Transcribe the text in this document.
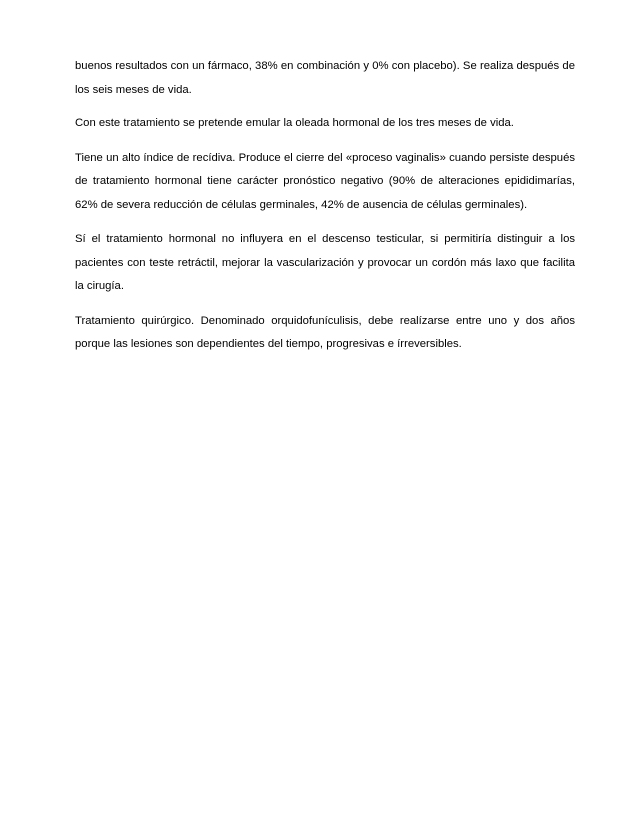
buenos resultados con un fármaco, 38% en combinación y 0% con placebo). Se realiza después de los seis meses de vida.

Con este tratamiento se pretende emular la oleada hormonal de los tres meses de vida.

Tiene un alto índice de recídiva. Produce el cierre del «proceso vaginalis» cuando persiste después de tratamiento hormonal tiene carácter pronóstico negativo (90% de alteraciones epididimarías, 62% de severa reducción de células germinales, 42% de ausencia de células germinales).

Sí el tratamiento hormonal no influyera en el descenso testicular, si permitiría distinguir a los pacientes con teste retráctil, mejorar la vascularización y provocar un cordón más laxo que facilita la cirugía.

Tratamiento quirúrgico. Denominado orquidofunículisis, debe realízarse entre uno y dos años porque las lesiones son dependientes del tiempo, progresivas e írreversibles.
